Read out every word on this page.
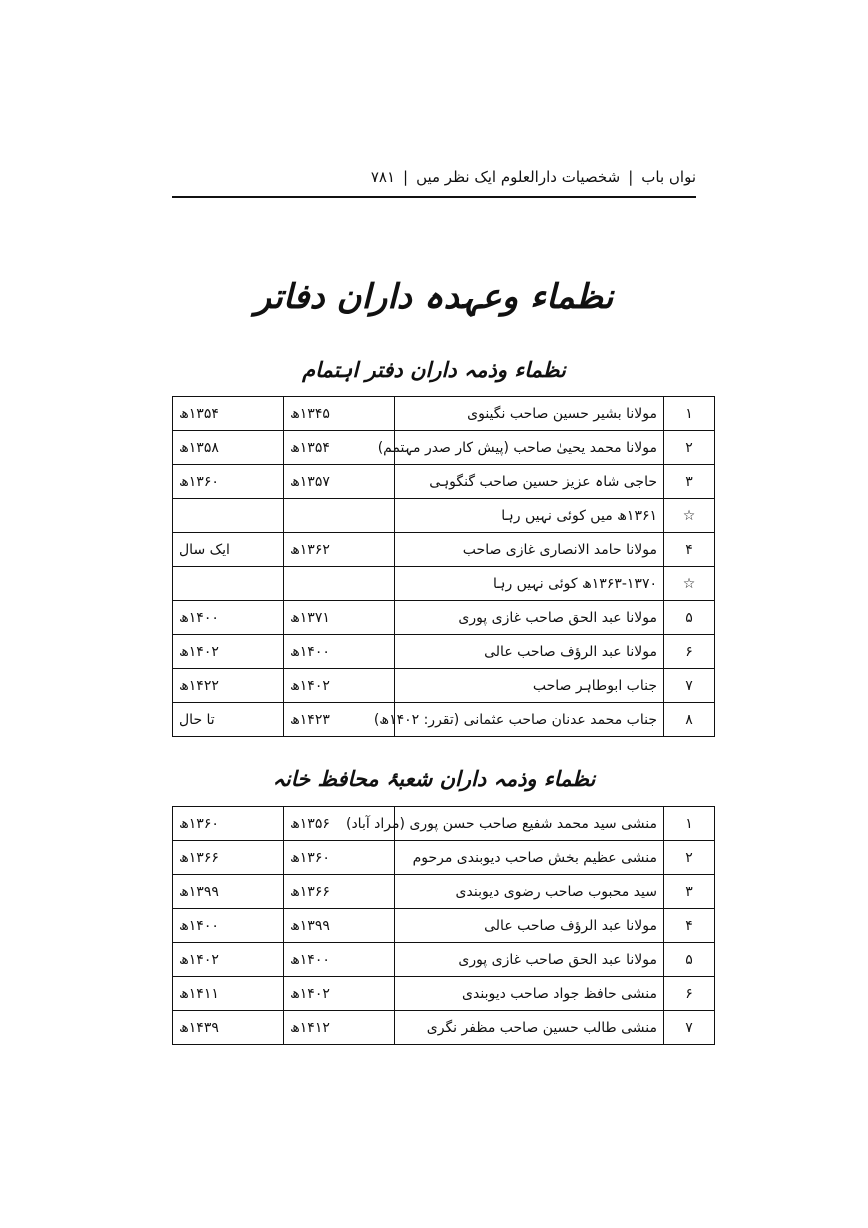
نواں باب
|
شخصیات دارالعلوم ایک نظر میں
|
۷۸۱
نظماء وعہدہ داران دفاتر
نظماء وذمہ داران دفتر اہتمام
۱	مولانا بشیر حسین صاحب نگینوی	۱۳۴۵ھ	۱۳۵۴ھ
۲	مولانا محمد یحییٰ صاحب (پیش کار صدر مہتمم)	۱۳۵۴ھ	۱۳۵۸ھ
۳	حاجی شاہ عزیز حسین صاحب گنگوہی	۱۳۵۷ھ	۱۳۶۰ھ
☆	۱۳۶۱ھ میں کوئی نہیں رہا		
۴	مولانا حامد الانصاری غازی صاحب	۱۳۶۲ھ	ایک سال
☆	۱۳۶۳-۱۳۷۰ھ کوئی نہیں رہا		
۵	مولانا عبد الحق صاحب غازی پوری	۱۳۷۱ھ	۱۴۰۰ھ
۶	مولانا عبد الرؤف صاحب عالی	۱۴۰۰ھ	۱۴۰۲ھ
۷	جناب ابوطاہر صاحب	۱۴۰۲ھ	۱۴۲۲ھ
۸	جناب محمد عدنان صاحب عثمانی (تقرر: ۱۴۰۲ھ)	۱۴۲۳ھ	تا حال
نظماء وذمہ داران شعبۂ محافظ خانہ
۱	منشی سید محمد شفیع صاحب حسن پوری (مراد آباد)	۱۳۵۶ھ	۱۳۶۰ھ
۲	منشی عظیم بخش صاحب دیوبندی مرحوم	۱۳۶۰ھ	۱۳۶۶ھ
۳	سید محبوب صاحب رضوی دیوبندی	۱۳۶۶ھ	۱۳۹۹ھ
۴	مولانا عبد الرؤف صاحب عالی	۱۳۹۹ھ	۱۴۰۰ھ
۵	مولانا عبد الحق صاحب غازی پوری	۱۴۰۰ھ	۱۴۰۲ھ
۶	منشی حافظ جواد صاحب دیوبندی	۱۴۰۲ھ	۱۴۱۱ھ
۷	منشی طالب حسین صاحب مظفر نگری	۱۴۱۲ھ	۱۴۳۹ھ
